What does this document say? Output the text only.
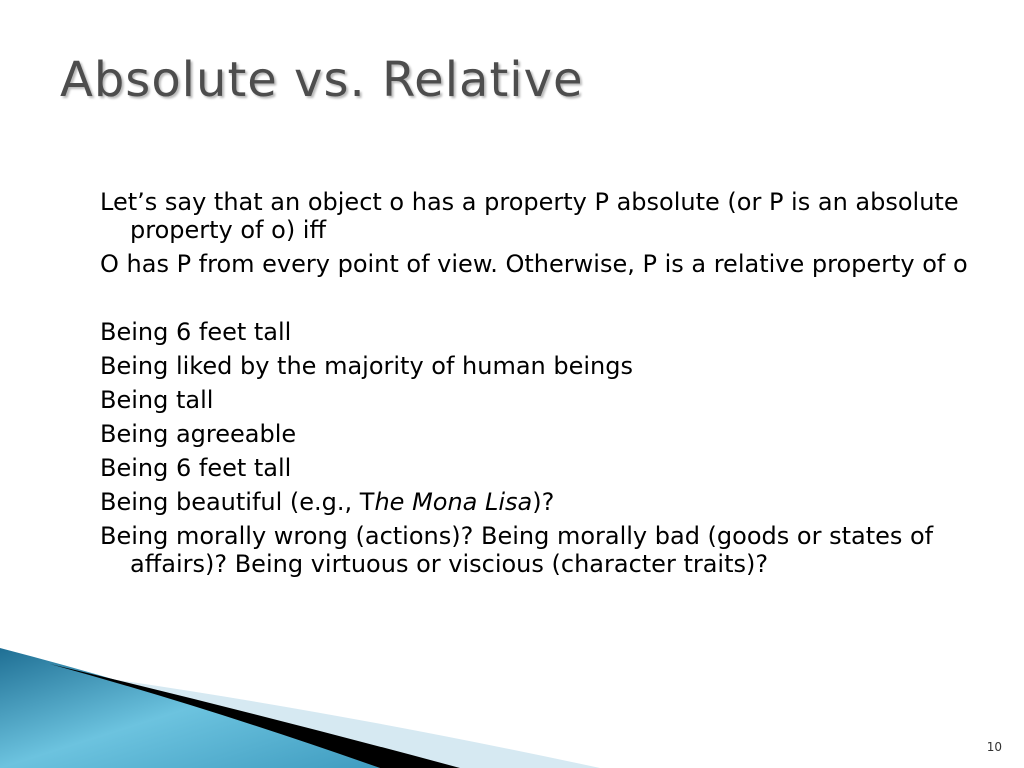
Absolute vs. Relative

Let’s say that an object o has a property P absolute (or P is an absolute property of o) iff

O has P from every point of view. Otherwise, P is a relative property of o

Being 6 feet tall

Being liked by the majority of human beings

Being tall

Being agreeable

Being 6 feet tall

Being beautiful (e.g., The Mona Lisa)?

Being morally wrong (actions)? Being morally bad (goods or states of affairs)? Being virtuous or viscious (character traits)?

10
